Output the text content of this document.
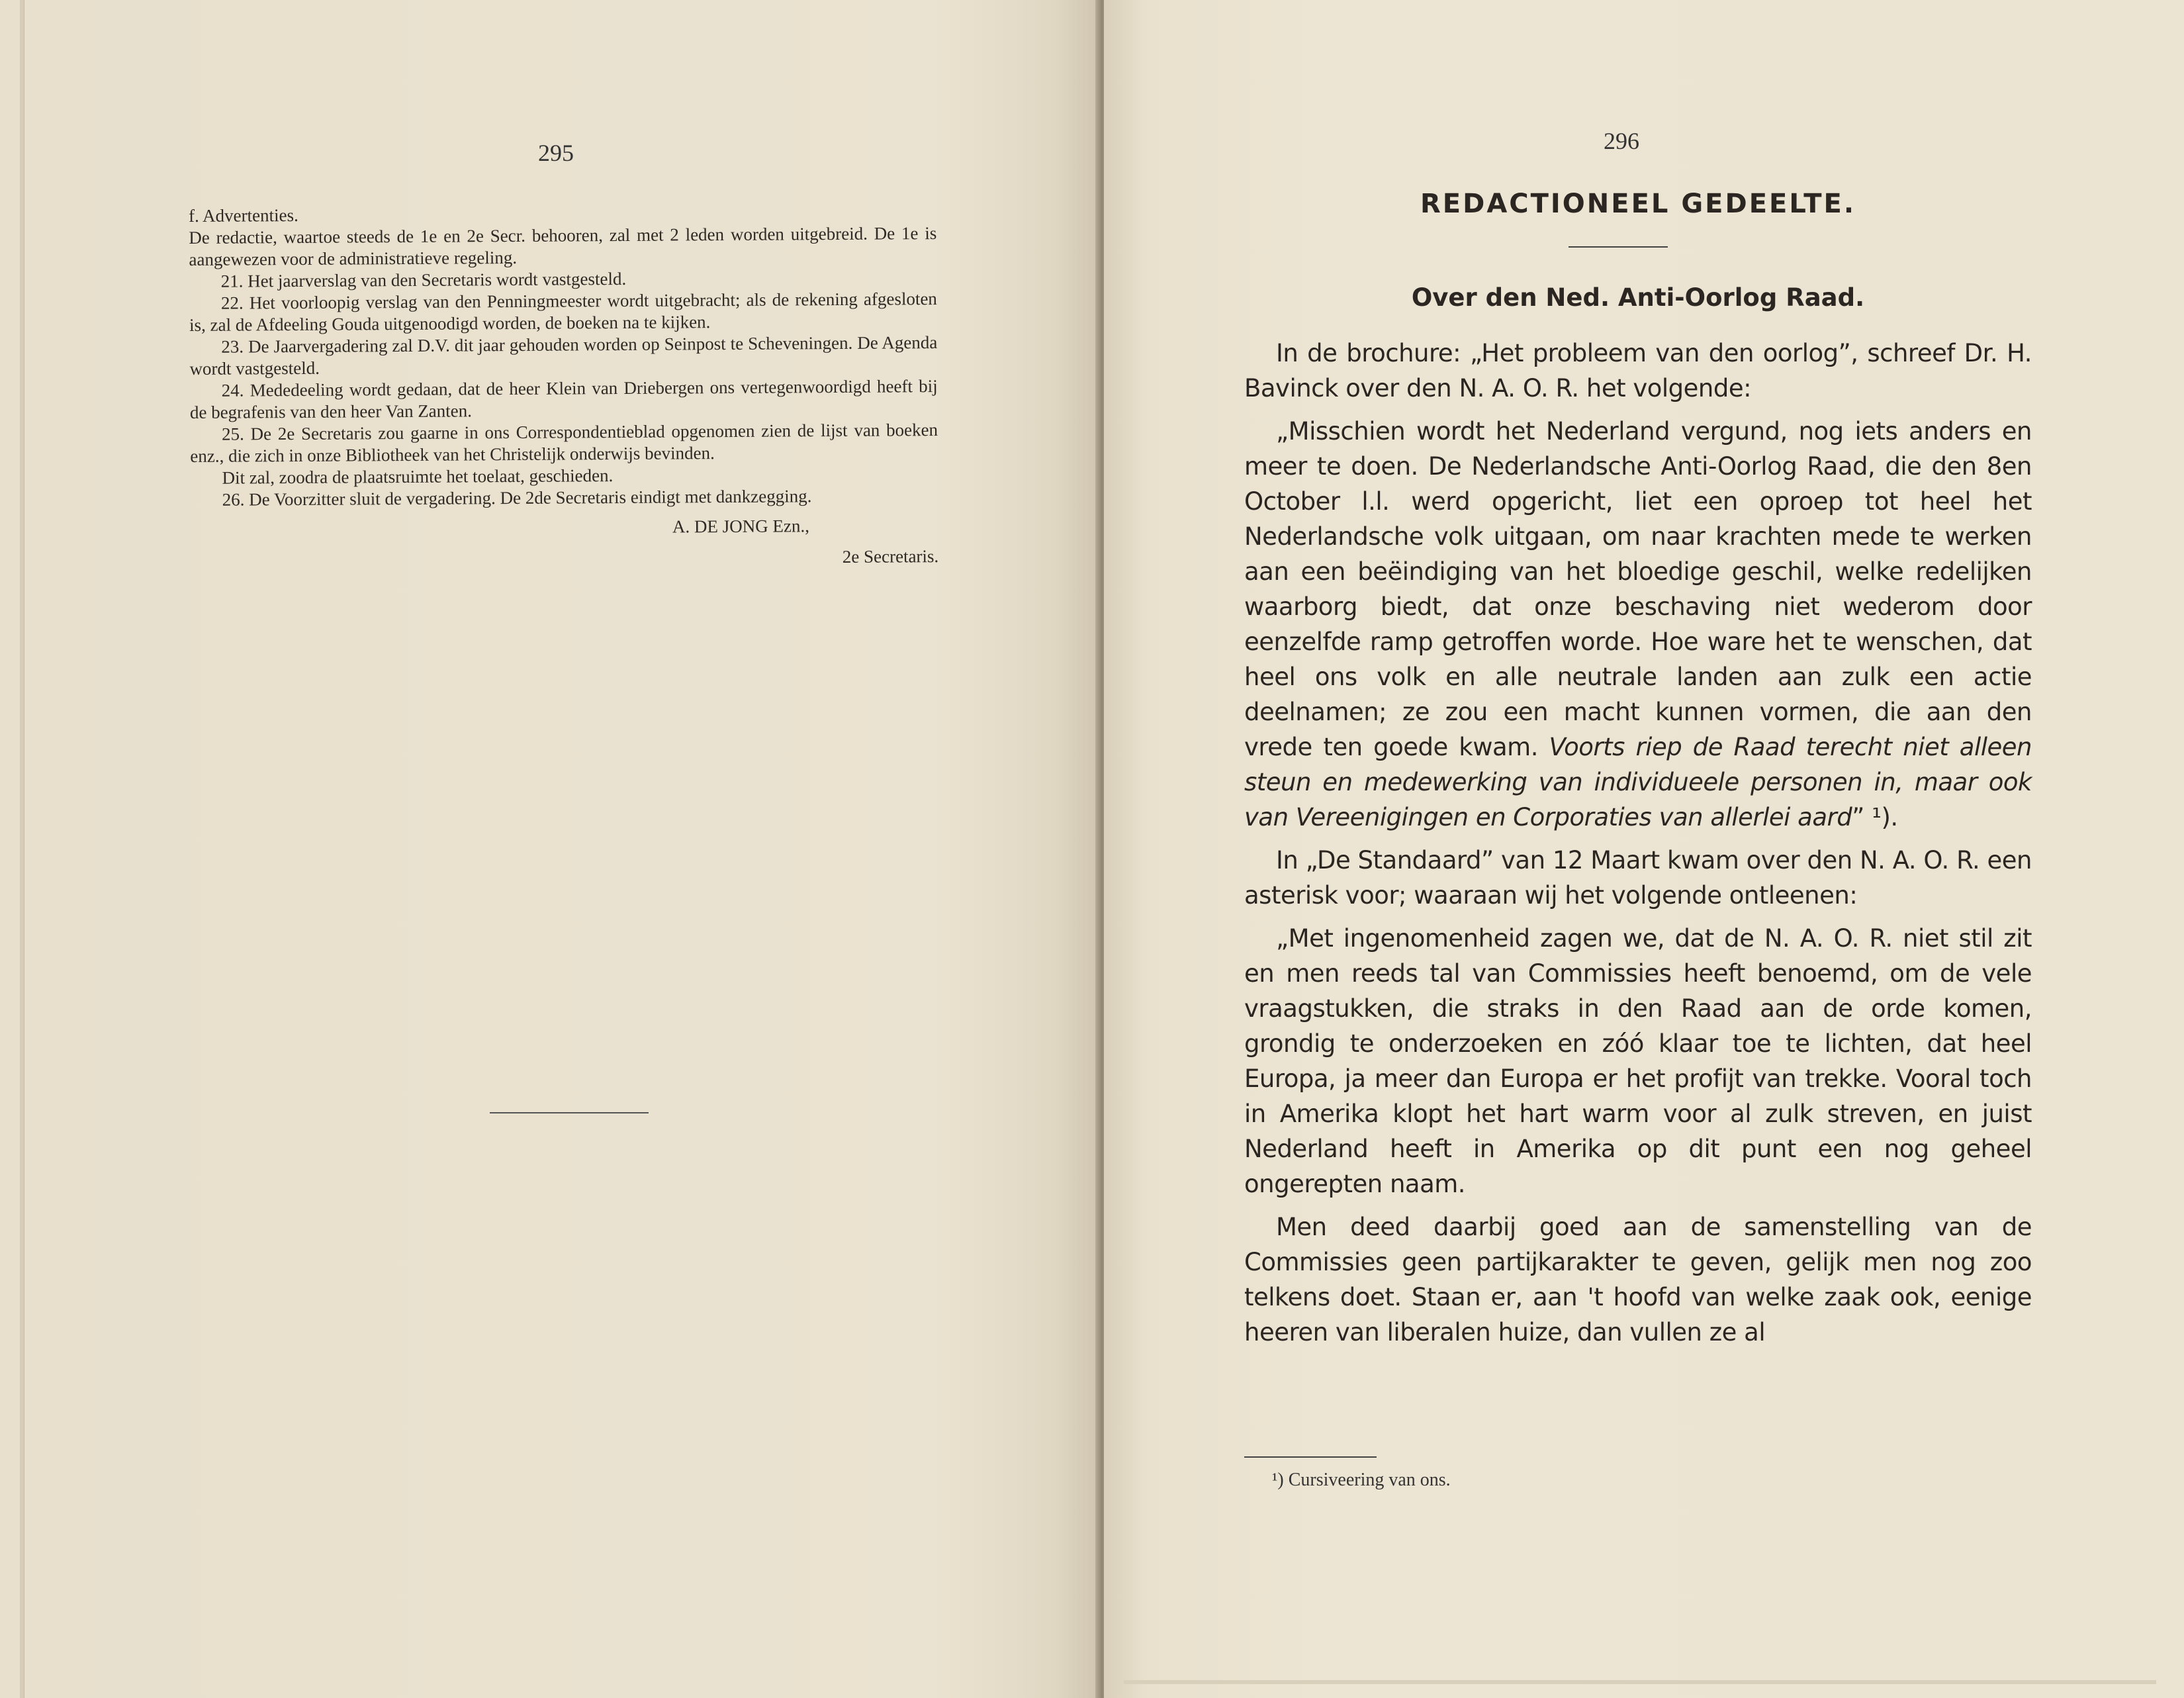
295

f. Advertenties.

De redactie, waartoe steeds de 1e en 2e Secr. behooren, zal met 2 leden worden uitgebreid. De 1e is aangewezen voor de administratieve regeling.

21. Het jaarverslag van den Secretaris wordt vastgesteld.

22. Het voorloopig verslag van den Penningmeester wordt uitgebracht; als de rekening afgesloten is, zal de Afdeeling Gouda uitgenoodigd worden, de boeken na te kijken.

23. De Jaarvergadering zal D.V. dit jaar gehouden worden op Seinpost te Scheveningen. De Agenda wordt vastgesteld.

24. Mededeeling wordt gedaan, dat de heer Klein van Driebergen ons vertegenwoordigd heeft bij de begrafenis van den heer Van Zanten.

25. De 2e Secretaris zou gaarne in ons Correspondentieblad opgenomen zien de lijst van boeken enz., die zich in onze Bibliotheek van het Christelijk onderwijs bevinden.

Dit zal, zoodra de plaatsruimte het toelaat, geschieden.

26. De Voorzitter sluit de vergadering. De 2de Secretaris eindigt met dankzegging.

A. DE JONG Ezn.,

2e Secretaris.

296
REDACTIONEEL GEDEELTE.
Over den Ned. Anti-Oorlog Raad.

In de brochure: „Het probleem van den oorlog”, schreef Dr. H. Bavinck over den N. A. O. R. het volgende:

„Misschien wordt het Nederland vergund, nog iets anders en meer te doen. De Nederlandsche Anti-Oorlog Raad, die den 8en October l.l. werd opgericht, liet een oproep tot heel het Nederlandsche volk uitgaan, om naar krachten mede te werken aan een beëindiging van het bloedige geschil, welke redelijken waarborg biedt, dat onze beschaving niet wederom door eenzelfde ramp getroffen worde. Hoe ware het te wenschen, dat heel ons volk en alle neutrale landen aan zulk een actie deelnamen; ze zou een macht kunnen vormen, die aan den vrede ten goede kwam. Voorts riep de Raad terecht niet alleen steun en medewerking van individueele personen in, maar ook van Vereenigingen en Corporaties van allerlei aard” ¹).

In „De Standaard” van 12 Maart kwam over den N. A. O. R. een asterisk voor; waaraan wij het volgende ontleenen:

„Met ingenomenheid zagen we, dat de N. A. O. R. niet stil zit en men reeds tal van Commissies heeft benoemd, om de vele vraagstukken, die straks in den Raad aan de orde komen, grondig te onderzoeken en zóó klaar toe te lichten, dat heel Europa, ja meer dan Europa er het profijt van trekke. Vooral toch in Amerika klopt het hart warm voor al zulk streven, en juist Nederland heeft in Amerika op dit punt een nog geheel ongerepten naam.

Men deed daarbij goed aan de samenstelling van de Commissies geen partijkarakter te geven, gelijk men nog zoo telkens doet. Staan er, aan 't hoofd van welke zaak ook, eenige heeren van liberalen huize, dan vullen ze al

¹) Cursiveering van ons.
